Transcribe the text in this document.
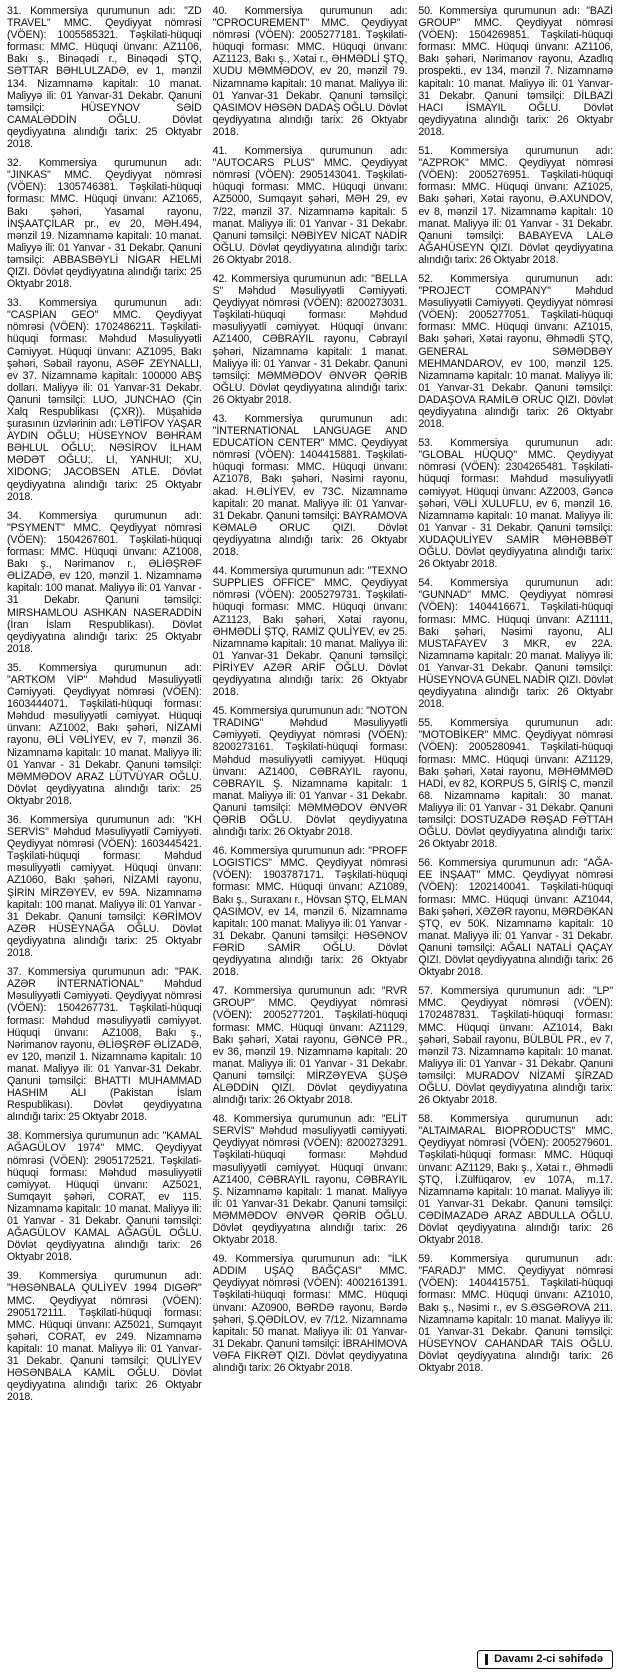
31. Kommersiya qurumunun adı: "ZD TRAVEL" MMC. Qeydiyyat nömrəsi (VÖEN): 1005585321. Təşkilati-hüquqi forması: MMC. Hüquqi ünvanı: AZ1106, Bakı ş., Binəqədi r., Binəqədi ŞTQ, SƏTTAR BƏHLULZADƏ, ev 1, mənzil 134. Nizamnamə kapitalı: 10 manat. Maliyyə ili: 01 Yanvar-31 Dekabr. Qanuni təmsilçi: HÜSEYNOV SƏİD CAMALƏDDİN OĞLU. Dövlət qeydiyyatına alındığı tarix: 25 Oktyabr 2018.

32. Kommersiya qurumunun adı: "JINKAS" MMC. Qeydiyyat nömrəsi (VÖEN): 1305746381. Təşkilati-hüquqi forması: MMC. Hüquqi ünvanı: AZ1065, Bakı şəhəri, Yasamal rayonu, İNŞAATÇILAR pr., ev 20, MƏH.494, mənzil 19. Nizamnamə kapitalı: 10 manat. Maliyyə ili: 01 Yanvar - 31 Dekabr. Qanuni təmsilçi: ABBASBƏYLİ NİGAR HELMİ QIZI. Dövlət qeydiyyatına alındığı tarix: 25 Oktyabr 2018.

33. Kommersiya qurumunun adı: "CASPİAN GEO" MMC. Qeydiyyat nömrəsi (VÖEN): 1702486211. Təşkilati-hüquqi forması: Məhdud Məsuliyyətli Cəmiyyət. Hüquqi ünvanı: AZ1095, Bakı şəhəri, Səbail rayonu, ASƏF ZEYNALLI, ev 37. Nizamnamə kapitalı: 100000 ABŞ dolları. Maliyyə ili: 01 Yanvar-31 Dekabr. Qanuni təmsilçi: LUO, JUNCHAO (Çin Xalq Respublikası (ÇXR)). Müşahidə şurasının üzvlərinin adı: LƏTİFOV YAŞAR AYDIN OĞLU; HÜSEYNOV BƏHRAM BƏHLUL OĞLU;. NƏSİROV İLHAM MƏDƏT OĞLU;. LI, YANHUI; XU, XIDONG; JACOBSEN ATLE. Dövlət qeydiyyatına alındığı tarix: 25 Oktyabr 2018.

34. Kommersiya qurumunun adı: "PSYMENT" MMC. Qeydiyyat nömrəsi (VÖEN): 1504267601. Təşkilati-hüquqi forması: MMC. Hüquqi ünvanı: AZ1008, Bakı ş., Nərimanov r., ƏLİƏŞRƏF ƏLİZADƏ, ev 120, mənzil 1. Nizamnamə kapitalı: 100 manat. Maliyyə ili: 01 Yanvar - 31 Dekabr. Qanuni təmsilçi: MIRSHAMLOU ASHKAN NASERADDİN (İran İslam Respublikası). Dövlət qeydiyyatına alındığı tarix: 25 Oktyabr 2018.

35. Kommersiya qurumunun adı: "ARTKOM VİP" Məhdud Məsuliyyətli Cəmiyyəti. Qeydiyyat nömrəsi (VÖEN): 1603444071. Təşkilati-hüquqi forması: Məhdud məsuliyyətli cəmiyyət. Hüquqi ünvanı: AZ1002, Bakı şəhəri, NİZAMİ rayonu, ƏLİ VƏLİYEV, ev 7, mənzil 36. Nizamnamə kapitalı: 10 manat. Maliyyə ili: 01 Yanvar - 31 Dekabr. Qanuni təmsilçi: MƏMMƏDOV ARAZ LÜTVÜYAR OĞLU. Dövlət qeydiyyatına alındığı tarix: 25 Oktyabr 2018.

36. Kommersiya qurumunun adı: "KH SERVİS" Məhdud Məsuliyyətli Cəmiyyəti. Qeydiyyat nömrəsi (VÖEN): 1603445421. Təşkilati-hüquqi forması: Məhdud məsuliyyətli cəmiyyət. Hüquqi ünvanı: AZ1060, Bakı şəhəri, NİZAMİ rayonu, ŞİRİN MİRZƏYEV, ev 59A. Nizamnamə kapitalı: 100 manat. Maliyyə ili: 01 Yanvar - 31 Dekabr. Qanuni təmsilçi: KƏRİMOV AZƏR HÜSEYNAĞA OĞLU. Dövlət qeydiyyatına alındığı tarix: 25 Oktyabr 2018.

37. Kommersiya qurumunun adı: "PAK. AZƏR İNTERNATİONAL" Məhdud Məsuliyyətli Cəmiyyəti. Qeydiyyat nömrəsi (VÖEN): 1504267731. Təşkilati-hüquqi forması: Məhdud məsuliyyətli cəmiyyət. Hüquqi ünvanı: AZ1008, Bakı ş., Nərimanov rayonu, ƏLİƏŞRƏF ƏLİZADƏ, ev 120, mənzil 1. Nizamnamə kapitalı: 10 manat. Maliyyə ili: 01 Yanvar-31 Dekabr. Qanuni təmsilçi: BHATTI MUHAMMAD HASHIM ALI (Pakistan İslam Respublikası). Dövlət qeydiyyatına alındığı tarix: 25 Oktyabr 2018.

38. Kommersiya qurumunun adı: "KAMAL AĞAGÜLOV 1974" MMC. Qeydiyyat nömrəsi (VÖEN): 2905172521. Təşkilati-hüquqi forması: Məhdud məsuliyyətli cəmiyyət. Hüquqi ünvanı: AZ5021, Sumqayıt şəhəri, CORAT, ev 115. Nizamnamə kapitalı: 10 manat. Maliyyə ili: 01 Yanvar - 31 Dekabr. Qanuni təmsilçi: AĞAGÜLOV KAMAL AĞAGÜL OĞLU. Dövlət qeydiyyatına alındığı tarix: 26 Oktyabr 2018.

39. Kommersiya qurumunun adı: "HƏSƏNBALA QULİYEV 1994 DIGƏR" MMC. Qeydiyyat nömrəsi (VÖEN): 2905172111. Təşkilati-hüquqi forması: MMC. Hüquqi ünvanı: AZ5021, Sumqayıt şəhəri, CORAT, ev 249. Nizamnamə kapitalı: 10 manat. Maliyyə ili: 01 Yanvar-31 Dekabr. Qanuni təmsilçi: QULİYEV HƏSƏNBALA KAMİL OĞLU. Dövlət qeydiyyatına alındığı tarix: 26 Oktyabr 2018.

40. Kommersiya qurumunun adı: "CPROCUREMENT" MMC. Qeydiyyat nömrəsi (VÖEN): 2005277181. Təşkilati-hüquqi forması: MMC. Hüquqi ünvanı: AZ1123, Bakı ş., Xətai r., ƏHMƏDLİ ŞTQ, XUDU MƏMMƏDOV, ev 20, mənzil 79. Nizamnamə kapitalı: 10 manat. Maliyyə ili: 01 Yanvar-31 Dekabr. Qanuni təmsilçi: QASIMOV HƏSƏN DADAŞ OĞLU. Dövlət qeydiyyatına alındığı tarix: 26 Oktyabr 2018.

41. Kommersiya qurumunun adı: "AUTOCARS PLUS" MMC. Qeydiyyat nömrəsi (VÖEN): 2905143041. Təşkilati-hüquqi forması: MMC. Hüquqi ünvanı: AZ5000, Sumqayıt şəhəri, MƏH 29, ev 7/22, mənzil 37. Nizamnamə kapitalı: 5 manat. Maliyyə ili: 01 Yanvar - 31 Dekabr. Qanuni təmsilçi: NƏBİYEV NİCAT NADİR OĞLU. Dövlət qeydiyyatına alındığı tarix: 26 Oktyabr 2018.

42. Kommersiya qurumunun adı: "BELLA S" Məhdud Məsuliyyətli Cəmiyyəti. Qeydiyyat nömrəsi (VÖEN): 8200273031. Təşkilati-hüquqi forması: Məhdud məsuliyyətli cəmiyyət. Hüquqi ünvanı: AZ1400, CƏBRAYIL rayonu, Cəbrayıl şəhəri, Nizamnamə kapitalı: 1 manat. Maliyyə ili: 01 Yanvar - 31 Dekabr. Qanuni təmsilçi: MƏMMƏDOV ƏNVƏR QƏRİB OĞLU. Dövlət qeydiyyatına alındığı tarix: 26 Oktyabr 2018.

43. Kommersiya qurumunun adı: "İNTERNATİONAL LANGUAGE AND EDUCATİON CENTER" MMC. Qeydiyyat nömrəsi (VÖEN): 1404415881. Təşkilati-hüquqi forması: MMC. Hüquqi ünvanı: AZ1078, Bakı şəhəri, Nəsimi rayonu, akad. H.ƏLİYEV, ev 73C. Nizamnamə kapitalı: 20 manat. Maliyyə ili: 01 Yanvar-31 Dekabr. Qanuni təmsilçi: BAYRAMOVA KƏMALƏ ORUC QIZI. Dövlət qeydiyyatına alındığı tarix: 26 Oktyabr 2018.

44. Kommersiya qurumunun adı: "TEXNO SUPPLIES OFFICE" MMC. Qeydiyyat nömrəsi (VÖEN): 2005279731. Təşkilati-hüquqi forması: MMC. Hüquqi ünvanı: AZ1123, Bakı şəhəri, Xətai rayonu, ƏHMƏDLİ ŞTQ, RAMİZ QULİYEV, ev 25. Nizamnamə kapitalı: 10 manat. Maliyyə ili: 01 Yanvar-31 Dekabr. Qanuni təmsilçi: PİRİYEV AZƏR ARİF OĞLU. Dövlət qeydiyyatına alındığı tarix: 26 Oktyabr 2018.

45. Kommersiya qurumunun adı: "NOTON TRADING" Məhdud Məsuliyyətli Cəmiyyəti. Qeydiyyat nömrəsi (VÖEN): 8200273161. Təşkilati-hüquqi forması: Məhdud məsuliyyətli cəmiyyət. Hüquqi ünvanı: AZ1400, CƏBRAYIL rayonu, CƏBRAYIL Ş. Nizamnamə kapitalı: 1 manat. Maliyyə ili: 01 Yanvar - 31 Dekabr. Qanuni təmsilçi: MƏMMƏDOV ƏNVƏR QƏRİB OĞLU. Dövlət qeydiyyatına alındığı tarix: 26 Oktyabr 2018.

46. Kommersiya qurumunun adı: "PROFF LOGISTICS" MMC. Qeydiyyat nömrəsi (VÖEN): 1903787171. Təşkilati-hüquqi forması: MMC. Hüquqi ünvanı: AZ1089, Bakı ş., Suraxanı r., Hövsan ŞTQ, ELMAN QASIMOV, ev 14, mənzil 6. Nizamnamə kapitalı: 100 manat. Maliyyə ili: 01 Yanvar - 31 Dekabr. Qanuni təmsilçi: HƏSƏNOV FƏRİD SAMİR OĞLU. Dövlət qeydiyyatına alındığı tarix: 26 Oktyabr 2018.

47. Kommersiya qurumunun adı: "RVR GROUP" MMC. Qeydiyyat nömrəsi (VÖEN): 2005277201. Təşkilati-hüquqi forması: MMC. Hüquqi ünvanı: AZ1129, Bakı şəhəri, Xətai rayonu, GƏNCƏ PR., ev 36, mənzil 19. Nizamnamə kapitalı: 20 manat. Maliyyə ili: 01 Yanvar - 31 Dekabr. Qanuni təmsilçi: MİRZƏYEVA ŞÜŞƏ ALƏDDİN QIZI. Dövlət qeydiyyatına alındığı tarix: 26 Oktyabr 2018.

48. Kommersiya qurumunun adı: "ELİT SERVİS" Məhdud məsuliyyətli cəmiyyəti. Qeydiyyat nömrəsi (VÖEN): 8200273291. Təşkilati-hüquqi forması: Məhdud məsuliyyətli cəmiyyət. Hüquqi ünvanı: AZ1400, CƏBRAYIL rayonu, CƏBRAYIL Ş. Nizamnamə kapitalı: 1 manat. Maliyyə ili: 01 Yanvar-31 Dekabr. Qanuni təmsilçi: MƏMMƏDOV ƏNVƏR QƏRİB OĞLU. Dövlət qeydiyyatına alındığı tarix: 26 Oktyabr 2018.

49. Kommersiya qurumunun adı: "İLK ADDIM UŞAQ BAĞÇASI" MMC. Qeydiyyat nömrəsi (VÖEN): 4002161391. Təşkilati-hüquqi forması: MMC. Hüquqi ünvanı: AZ0900, BƏRDƏ rayonu, Bərdə şəhəri, Ş.QƏDİLOV, ev 7/12. Nizamnamə kapitalı: 50 manat. Maliyyə ili: 01 Yanvar-31 Dekabr. Qanuni təmsilçi: İBRAHİMOVA VƏFA FİKRƏT QIZI. Dövlət qeydiyyatına alındığı tarix: 26 Oktyabr 2018.

50. Kommersiya qurumunun adı: "BAZİ GROUP" MMC. Qeydiyyat nömrəsi (VÖEN): 1504269851. Təşkilati-hüquqi forması: MMC. Hüquqi ünvanı: AZ1106, Bakı şəhəri, Nərimanov rayonu, Azadlıq prospekti., ev 134, mənzil 7. Nizamnamə kapitalı: 10 manat. Maliyyə ili: 01 Yanvar-31 Dekabr. Qanuni təmsilçi: DİLBAZİ HACI İSMAYIL OĞLU. Dövlət qeydiyyatına alındığı tarix: 26 Oktyabr 2018.

51. Kommersiya qurumunun adı: "AZPROK" MMC. Qeydiyyat nömrəsi (VÖEN): 2005276951. Təşkilati-hüquqi forması: MMC. Hüquqi ünvanı: AZ1025, Bakı şəhəri, Xətai rayonu, Ə.AXUNDOV, ev 8, mənzil 17. Nizamnamə kapitalı: 10 manat. Maliyyə ili: 01 Yanvar - 31 Dekabr. Qanuni təmsilçi: BABAYEVA LALƏ AĞAHÜSEYN QIZI. Dövlət qeydiyyatına alındığı tarix: 26 Oktyabr 2018.

52. Kommersiya qurumunun adı: "PROJECT COMPANY" Məhdud Məsuliyyətli Cəmiyyəti. Qeydiyyat nömrəsi (VÖEN): 2005277051. Təşkilati-hüquqi forması: MMC. Hüquqi ünvanı: AZ1015, Bakı şəhəri, Xətai rayonu, Əhmədli ŞTQ, GENERAL SƏMƏDBƏY MEHMANDAROV, ev 100, mənzil 125. Nizamnamə kapitalı: 10 manat. Maliyyə ili: 01 Yanvar-31 Dekabr. Qanuni təmsilçi: DADAŞOVA RAMİLƏ ORUC QIZI. Dövlət qeydiyyatına alındığı tarix: 26 Oktyabr 2018.

53. Kommersiya qurumunun adı: "GLOBAL HÜQUQ" MMC. Qeydiyyat nömrəsi (VÖEN): 2304265481. Təşkilati-hüquqi forması: Məhdud məsuliyyətli cəmiyyət. Hüquqi ünvanı: AZ2003, Gəncə şəhəri, VƏLİ XULUFLU, ev 6, mənzil 16. Nizamnamə kapitalı: 10 manat. Maliyyə ili: 01 Yanvar - 31 Dekabr. Qanuni təmsilçi: XUDAQULİYEV SAMİR MƏHƏBBƏT OĞLU. Dövlət qeydiyyatına alındığı tarix: 26 Oktyabr 2018.

54. Kommersiya qurumunun adı: "GUNNAD" MMC. Qeydiyyat nömrəsi (VÖEN): 1404416671. Təşkilati-hüquqi forması: MMC. Hüquqi ünvanı: AZ1111, Bakı şəhəri, Nəsimi rayonu, ALI MUSTAFAYEV 3 MKR, ev 22A. Nizamnamə kapitalı: 20 manat. Maliyyə ili: 01 Yanvar-31 Dekabr. Qanuni təmsilçi: HÜSEYNOVA GÜNEL NADİR QIZI. Dövlət qeydiyyatına alındığı tarix: 26 Oktyabr 2018.

55. Kommersiya qurumunun adı: "MOTOBİKER" MMC. Qeydiyyat nömrəsi (VÖEN): 2005280941. Təşkilati-hüquqi forması: MMC. Hüquqi ünvanı: AZ1129, Bakı şəhəri, Xətai rayonu, MƏHƏMMƏD HADİ, ev 82, KORPUS 5, GİRİŞ C, mənzil 68. Nizamnamə kapitalı: 30 manat. Maliyyə ili: 01 Yanvar - 31 Dekabr. Qanuni təmsilçi: DOSTUZADƏ RƏŞAD FƏTTAH OĞLU. Dövlət qeydiyyatına alındığı tarix: 26 Oktyabr 2018.

56. Kommersiya qurumunun adı: "AĞA-EE İNŞAAT" MMC. Qeydiyyat nömrəsi (VÖEN): 1202140041. Təşkilati-hüquqi forması: MMC. Hüquqi ünvanı: AZ1044, Bakı şəhəri, XƏZƏR rayonu, MƏRDƏKAN ŞTQ, ev 50K. Nizamnamə kapitalı: 10 manat. Maliyyə ili: 01 Yanvar - 31 Dekabr. Qanuni təmsilçi: AĞALI NATALİ QAÇAY QIZI. Dövlət qeydiyyatına alındığı tarix: 26 Oktyabr 2018.

57. Kommersiya qurumunun adı: "LP" MMC. Qeydiyyat nömrəsi (VÖEN): 1702487831. Təşkilati-hüquqi forması: MMC. Hüquqi ünvanı: AZ1014, Bakı şəhəri, Səbail rayonu, BÜLBÜL PR., ev 7, mənzil 73. Nizamnamə kapitalı: 10 manat. Maliyyə ili: 01 Yanvar - 31 Dekabr. Qanuni təmsilçi: MURADOV NİZAMİ ŞİRZAD OĞLU. Dövlət qeydiyyatına alındığı tarix: 26 Oktyabr 2018.

58. Kommersiya qurumunun adı: "ALTAIMARAL BIOPRODUCTS" MMC. Qeydiyyat nömrəsi (VÖEN): 2005279601. Təşkilati-hüquqi forması: MMC. Hüquqi ünvanı: AZ1129, Bakı ş., Xətai r., Əhmədli ŞTQ, İ.Zülfüqarov, ev 107A, m.17. Nizamnamə kapitalı: 10 manat. Maliyyə ili: 01 Yanvar-31 Dekabr. Qanuni təmsilçi: CƏDİMAZADƏ ARAZ ABDULLA OĞLU. Dövlət qeydiyyatına alındığı tarix: 26 Oktyabr 2018.

59. Kommersiya qurumunun adı: "FARADJ" MMC. Qeydiyyat nömrəsi (VÖEN): 1404415751. Təşkilati-hüquqi forması: MMC. Hüquqi ünvanı: AZ1010, Bakı ş., Nəsimi r., ev S.ƏSGƏROVA 211. Nizamnamə kapitalı: 10 manat. Maliyyə ili: 01 Yanvar-31 Dekabr. Qanuni təmsilçi: HÜSEYNOV CAHANDAR TAİS OĞLU. Dövlət qeydiyyatına alındığı tarix: 26 Oktyabr 2018.

Davamı 2-ci səhifədə
